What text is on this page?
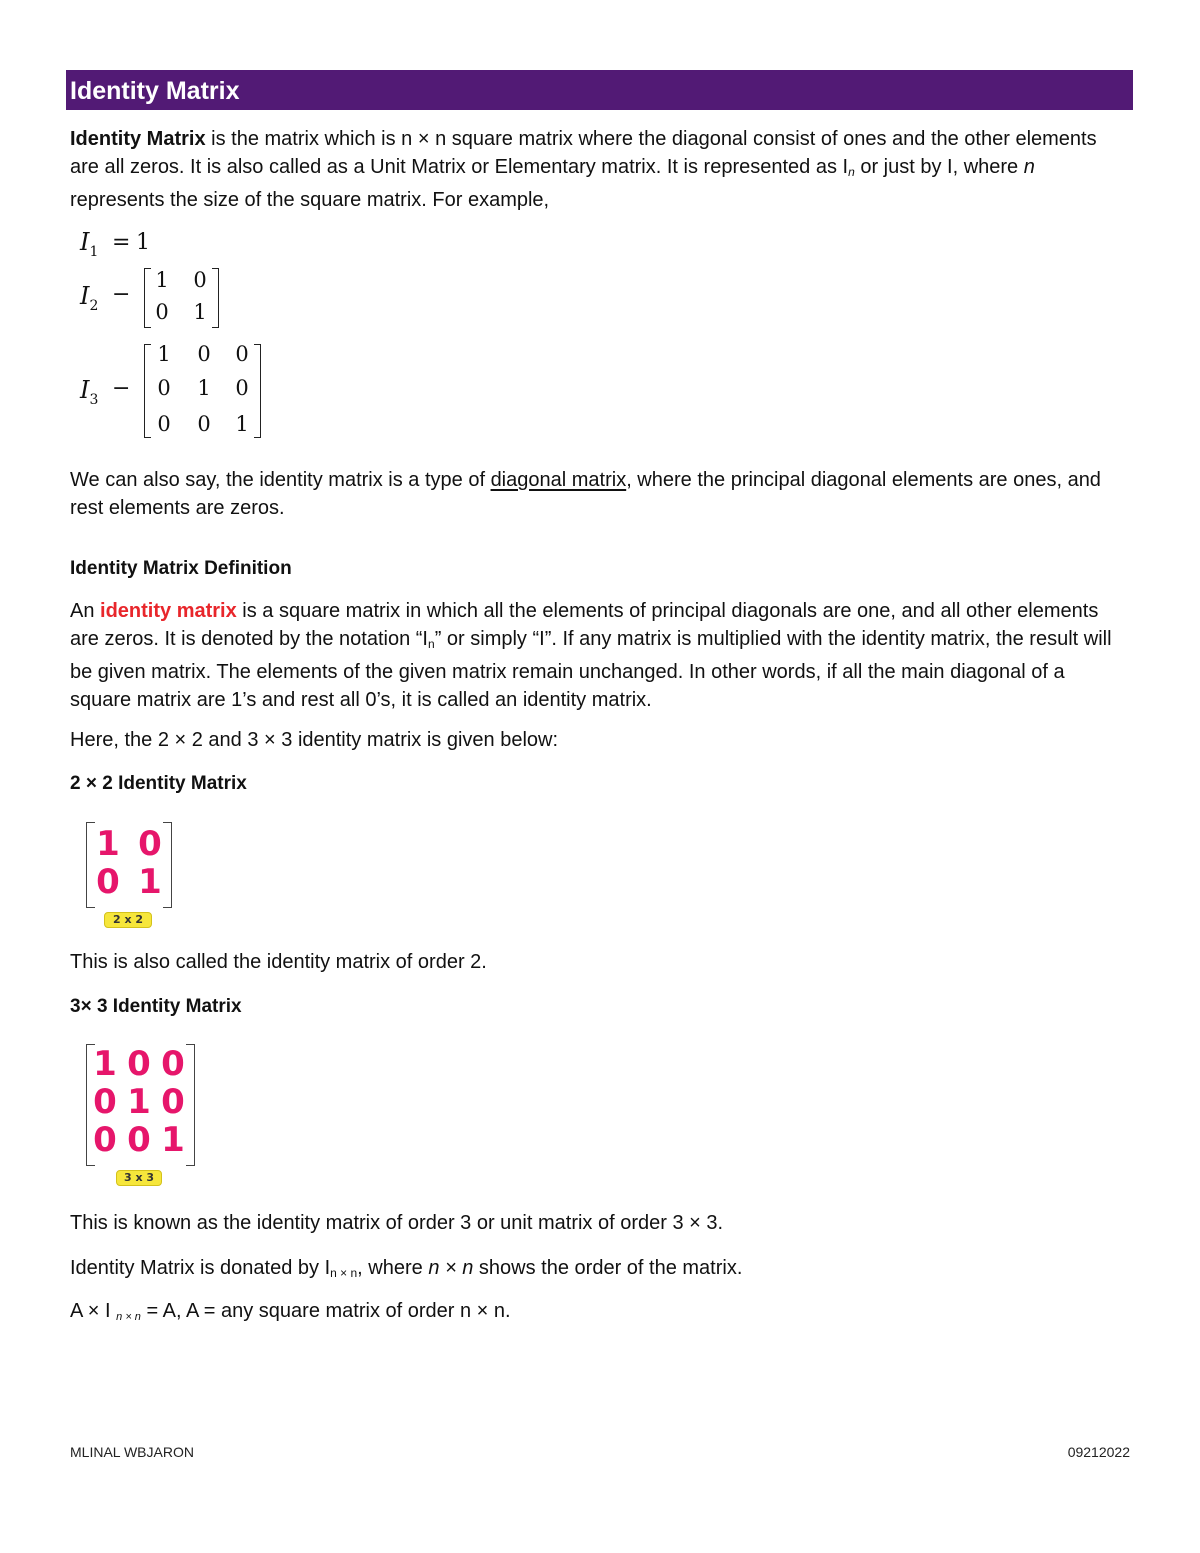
Identity Matrix

Identity Matrix is the matrix which is n × n square matrix where the diagonal consist of ones and the other elements are all zeros. It is also called as a Unit Matrix or Elementary matrix. It is represented as $I_n$ or just by I, where n represents the size of the square matrix. For example,

$I_1 = 1$
$I_2$ −
1 0
0 1
$I_3$ −
1 0 0
0 1 0
0 0 1

We can also say, the identity matrix is a type of diagonal matrix, where the principal diagonal elements are ones, and rest elements are zeros.

Identity Matrix Definition

An identity matrix is a square matrix in which all the elements of principal diagonals are one, and all other elements are zeros. It is denoted by the notation “$I_n$” or simply “I”. If any matrix is multiplied with the identity matrix, the result will be given matrix. The elements of the given matrix remain unchanged. In other words, if all the main diagonal of a square matrix are 1’s and rest all 0’s, it is called an identity matrix.

Here, the 2 × 2 and 3 × 3 identity matrix is given below:

2 × 2 Identity Matrix

1 0
0 1
2 x 2

This is also called the identity matrix of order 2.

3× 3 Identity Matrix

1 0 0
0 1 0
0 0 1
3 x 3

This is known as the identity matrix of order 3 or unit matrix of order 3 × 3.

Identity Matrix is donated by $I_{n \times n}$, where n × n shows the order of the matrix.

A × I $_{n \times n}$ = A, A = any square matrix of order n × n.

MLINAL WBJARON	09212022
